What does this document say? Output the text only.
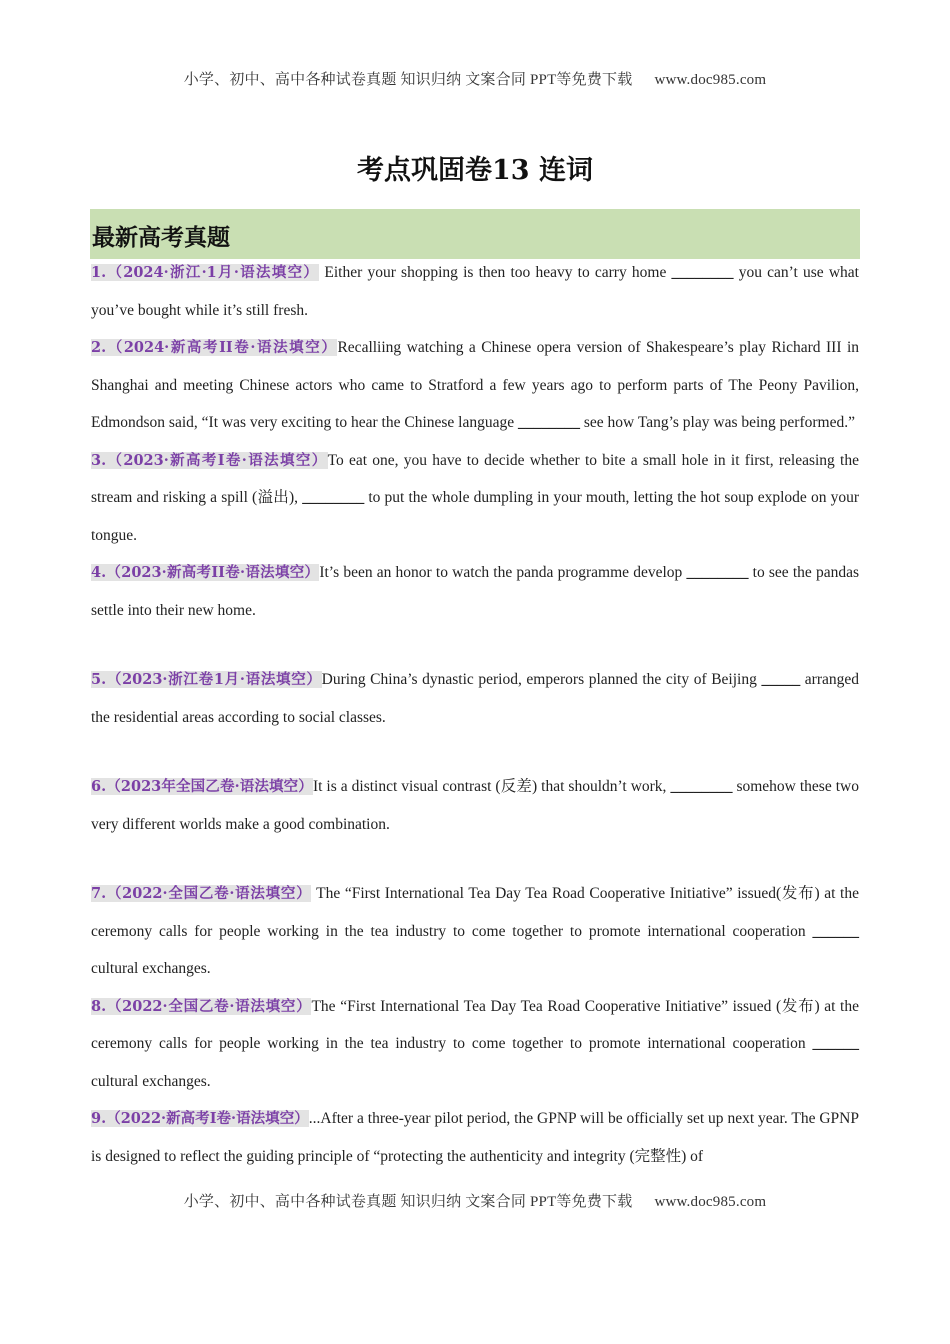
小学、初中、高中各种试卷真题 知识归纳 文案合同 PPT等免费下载 www.doc985.com
考点巩固卷13 连词
最新高考真题

1.（2024·浙江·1月·语法填空） Either your shopping is then too heavy to carry home ________ you can’t use what you’ve bought while it’s still fresh.

2.（2024·新高考II卷·语法填空）Recalliing watching a Chinese opera version of Shakespeare’s play Richard III in Shanghai and meeting Chinese actors who came to Stratford a few years ago to perform parts of The Peony Pavilion, Edmondson said, “It was very exciting to hear the Chinese language ________ see how Tang’s play was being performed.”

3.（2023·新高考I卷·语法填空）To eat one, you have to decide whether to bite a small hole in it first, releasing the stream and risking a spill (溢出), ________ to put the whole dumpling in your mouth, letting the hot soup explode on your tongue.

4.（2023·新高考II卷·语法填空）It’s been an honor to watch the panda programme develop ________ to see the pandas settle into their new home.

5.（2023·浙江卷1月·语法填空）During China’s dynastic period, emperors planned the city of Beijing _____ arranged the residential areas according to social classes.

6.（2023年全国乙卷·语法填空）It is a distinct visual contrast (反差) that shouldn’t work, ________ somehow these two very different worlds make a good combination.

7.（2022·全国乙卷·语法填空） The “First International Tea Day Tea Road Cooperative Initiative” issued(发布) at the ceremony calls for people working in the tea industry to come together to promote international cooperation ______ cultural exchanges.

8.（2022·全国乙卷·语法填空）The “First International Tea Day Tea Road Cooperative Initiative” issued (发布) at the ceremony calls for people working in the tea industry to come together to promote international cooperation ______ cultural exchanges.

9.（2022·新高考I卷·语法填空）...After a three-year pilot period, the GPNP will be officially set up next year. The GPNP is designed to reflect the guiding principle of “protecting the authenticity and integrity (完整性) of

小学、初中、高中各种试卷真题 知识归纳 文案合同 PPT等免费下载 www.doc985.com
